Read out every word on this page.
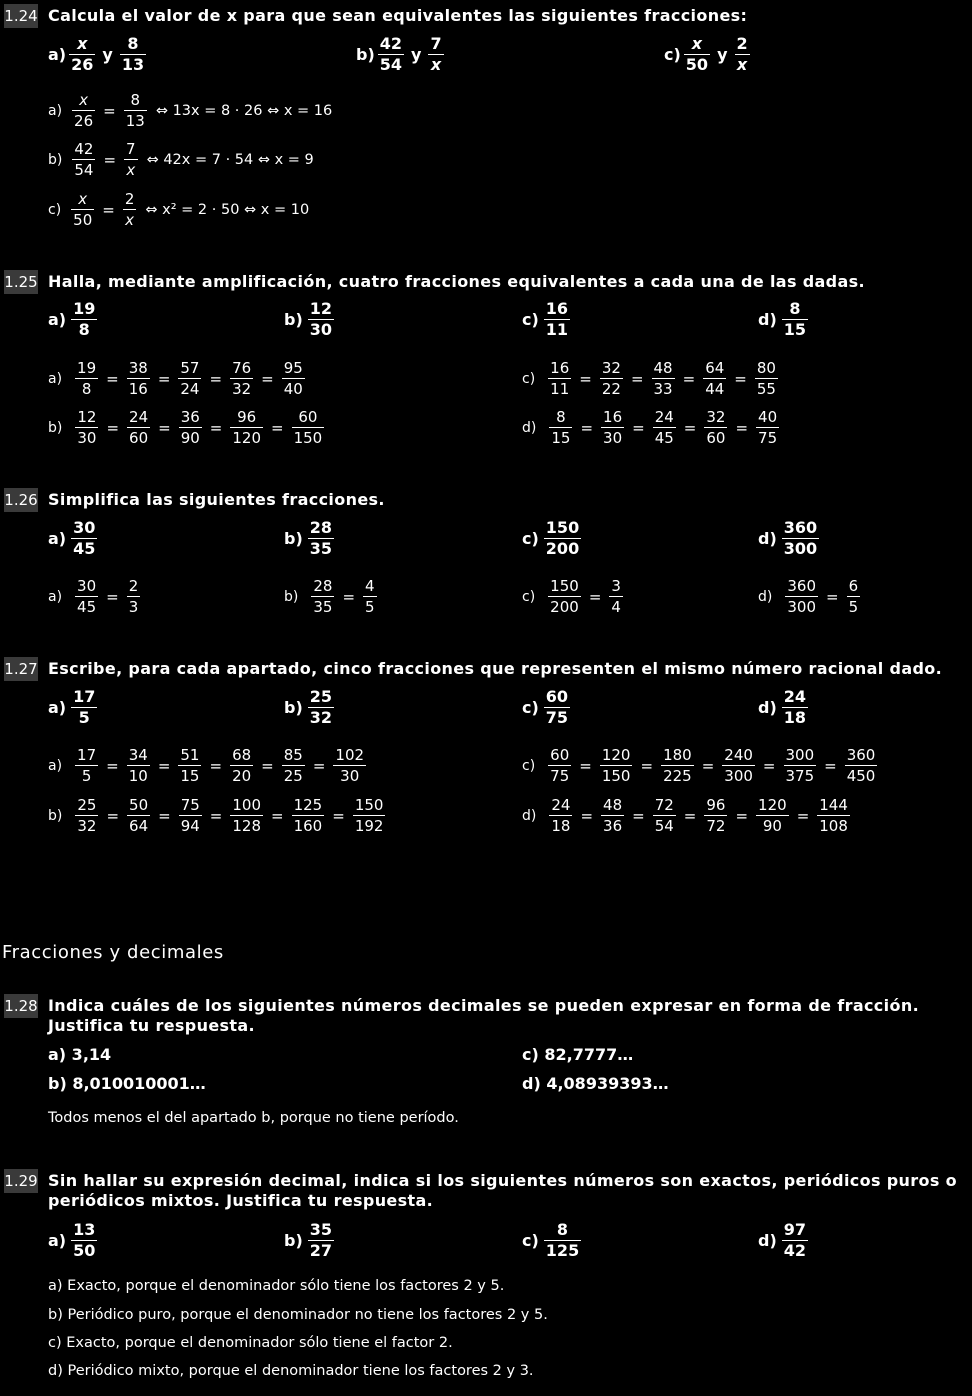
1.24 Calcula el valor de x para que sean equivalentes las siguientes fracciones:
$a) \frac{x}{26}$ y $\frac{8}{13}$	$b) \frac{42}{54}$ y $\frac{7}{x}$	$c) \frac{x}{50}$ y $\frac{2}{x}$
$a) \frac{x}{26} = \frac{8}{13}$ ⇔ 13x = 8 · 26 ⇔ x = 16
$b) \frac{42}{54} = \frac{7}{x}$ ⇔ 42x = 7 · 54 ⇔ x = 9
$c) \frac{x}{50} = \frac{2}{x}$ ⇔ x² = 2 · 50 ⇔ x = 10
1.25 Halla, mediante amplificación, cuatro fracciones equivalentes a cada una de las dadas.
$a) \frac{19}{8}$	$b) \frac{12}{30}$	$c) \frac{16}{11}$	$d) \frac{8}{15}$
$a) \frac{19}{8} = \frac{38}{16} = \frac{57}{24} = \frac{76}{32} = \frac{95}{40}$	$c) \frac{16}{11} = \frac{32}{22} = \frac{48}{33} = \frac{64}{44} = \frac{80}{55}$
$b) \frac{12}{30} = \frac{24}{60} = \frac{36}{90} = \frac{96}{120} = \frac{60}{150}$	$d) \frac{8}{15} = \frac{16}{30} = \frac{24}{45} = \frac{32}{60} = \frac{40}{75}$
1.26 Simplifica las siguientes fracciones.
$a) \frac{30}{45}$	$b) \frac{28}{35}$	$c) \frac{150}{200}$	$d) \frac{360}{300}$
$a) \frac{30}{45} = \frac{2}{3}$	$b) \frac{28}{35} = \frac{4}{5}$	$c) \frac{150}{200} = \frac{3}{4}$	$d) \frac{360}{300} = \frac{6}{5}$
1.27 Escribe, para cada apartado, cinco fracciones que representen el mismo número racional dado.
$a) \frac{17}{5}$	$b) \frac{25}{32}$	$c) \frac{60}{75}$	$d) \frac{24}{18}$
$a) \frac{17}{5} = \frac{34}{10} = \frac{51}{15} = \frac{68}{20} = \frac{85}{25} = \frac{102}{30}$	$c) \frac{60}{75} = \frac{120}{150} = \frac{180}{225} = \frac{240}{300} = \frac{300}{375} = \frac{360}{450}$
$b) \frac{25}{32} = \frac{50}{64} = \frac{75}{94} = \frac{100}{128} = \frac{125}{160} = \frac{150}{192}$	$d) \frac{24}{18} = \frac{48}{36} = \frac{72}{54} = \frac{96}{72} = \frac{120}{90} = \frac{144}{108}$
Fracciones y decimales
1.28 Indica cuáles de los siguientes números decimales se pueden expresar en forma de fracción. Justifica tu respuesta.
a) 3,14	c) 82,7777…
b) 8,010010001…	d) 4,08939393…
Todos menos el del apartado b, porque no tiene período.
1.29 Sin hallar su expresión decimal, indica si los siguientes números son exactos, periódicos puros o periódicos mixtos. Justifica tu respuesta.
$a) \frac{13}{50}$	$b) \frac{35}{27}$	$c) \frac{8}{125}$	$d) \frac{97}{42}$
a) Exacto, porque el denominador sólo tiene los factores 2 y 5.
b) Periódico puro, porque el denominador no tiene los factores 2 y 5.
c) Exacto, porque el denominador sólo tiene el factor 2.
d) Periódico mixto, porque el denominador tiene los factores 2 y 3.
